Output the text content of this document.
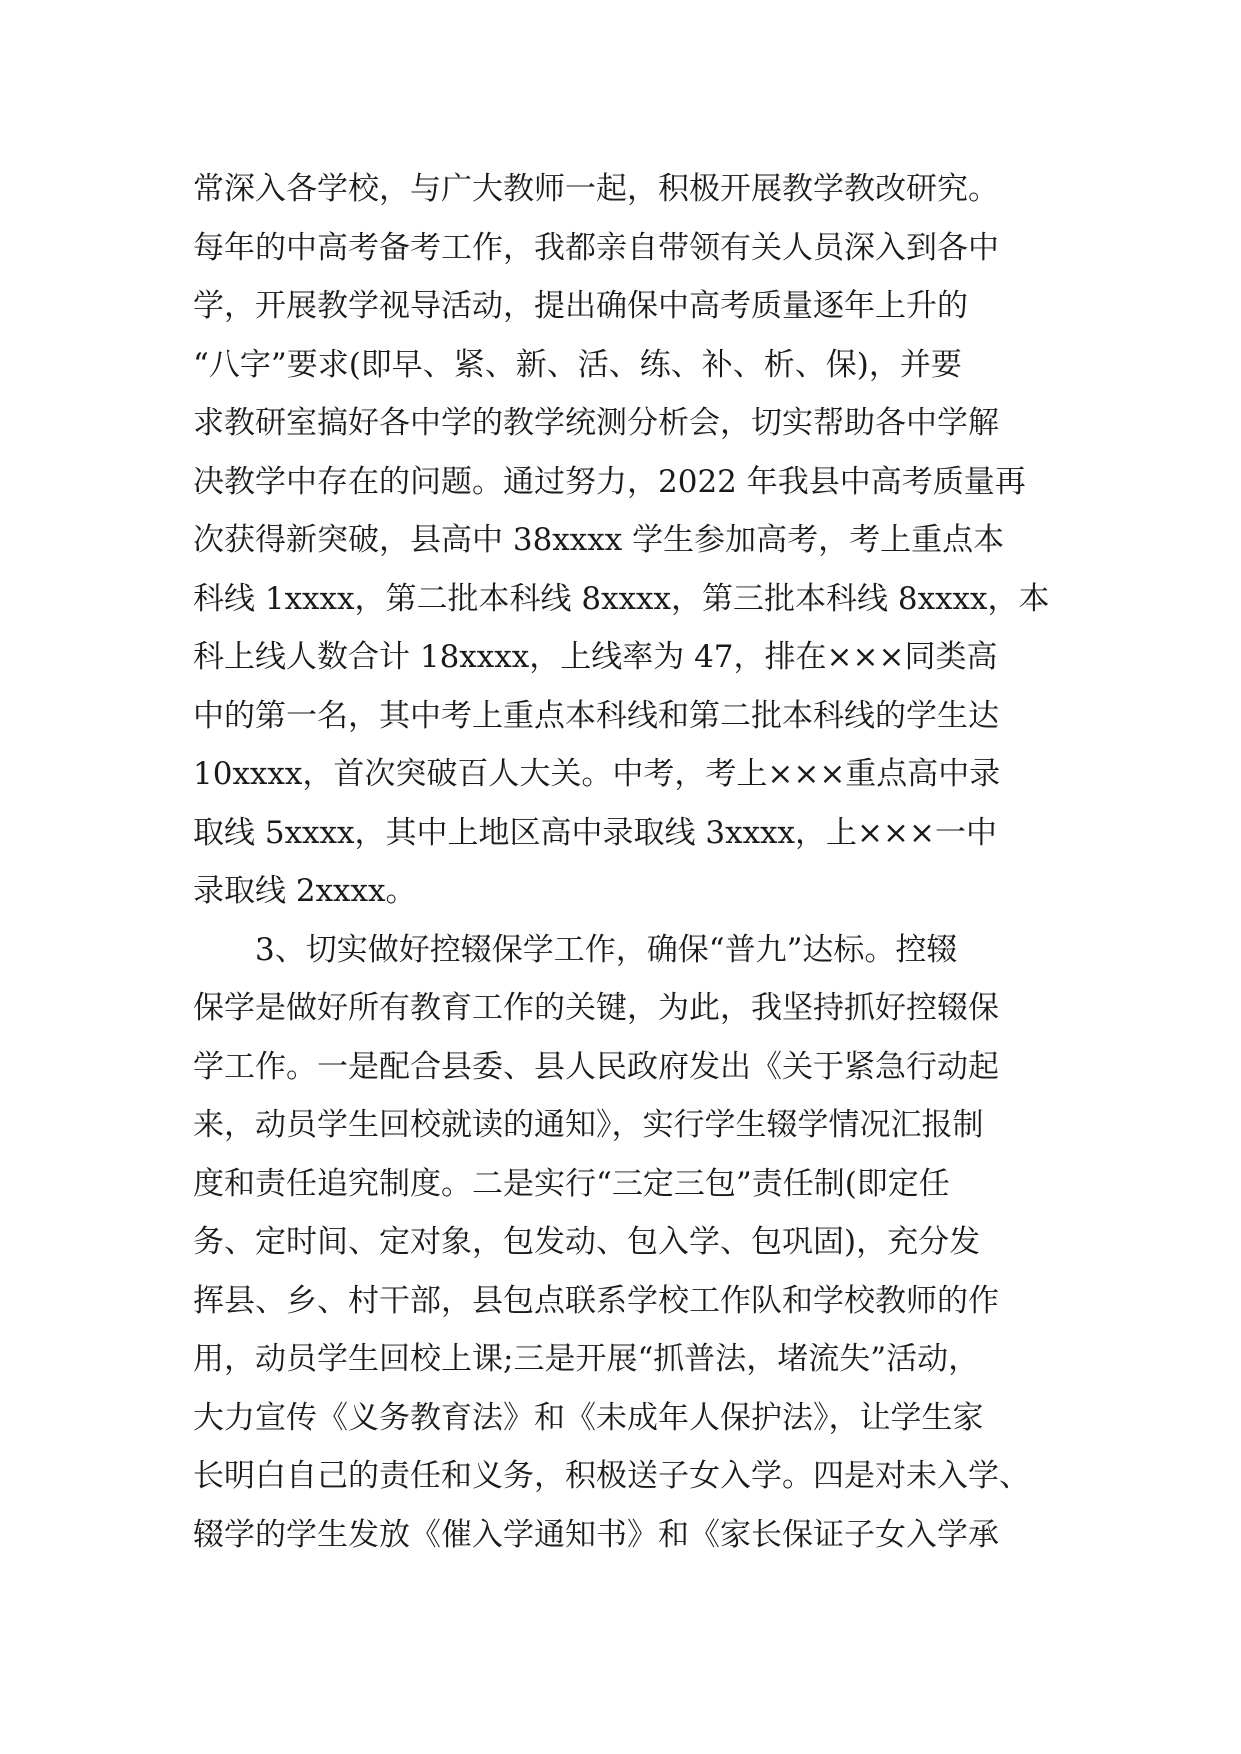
常深入各学校，与广大教师一起，积极开展教学教改研究。
每年的中高考备考工作，我都亲自带领有关人员深入到各中
学，开展教学视导活动，提出确保中高考质量逐年上升的
“八字”要求(即早、紧、新、活、练、补、析、保)，并要
求教研室搞好各中学的教学统测分析会，切实帮助各中学解
决教学中存在的问题。通过努力，2022 年我县中高考质量再
次获得新突破，县高中 38xxxx 学生参加高考，考上重点本
科线 1xxxx，第二批本科线 8xxxx，第三批本科线 8xxxx，本
科上线人数合计 18xxxx，上线率为 47，排在×××同类高
中的第一名，其中考上重点本科线和第二批本科线的学生达
10xxxx，首次突破百人大关。中考，考上×××重点高中录
取线 5xxxx，其中上地区高中录取线 3xxxx，上×××一中
录取线 2xxxx。
3、切实做好控辍保学工作，确保“普九”达标。控辍
保学是做好所有教育工作的关键，为此，我坚持抓好控辍保
学工作。一是配合县委、县人民政府发出《关于紧急行动起
来，动员学生回校就读的通知》，实行学生辍学情况汇报制
度和责任追究制度。二是实行“三定三包”责任制(即定任
务、定时间、定对象，包发动、包入学、包巩固)，充分发
挥县、乡、村干部，县包点联系学校工作队和学校教师的作
用，动员学生回校上课;三是开展“抓普法，堵流失”活动，
大力宣传《义务教育法》和《未成年人保护法》，让学生家
长明白自己的责任和义务，积极送子女入学。四是对未入学、
辍学的学生发放《催入学通知书》和《家长保证子女入学承
